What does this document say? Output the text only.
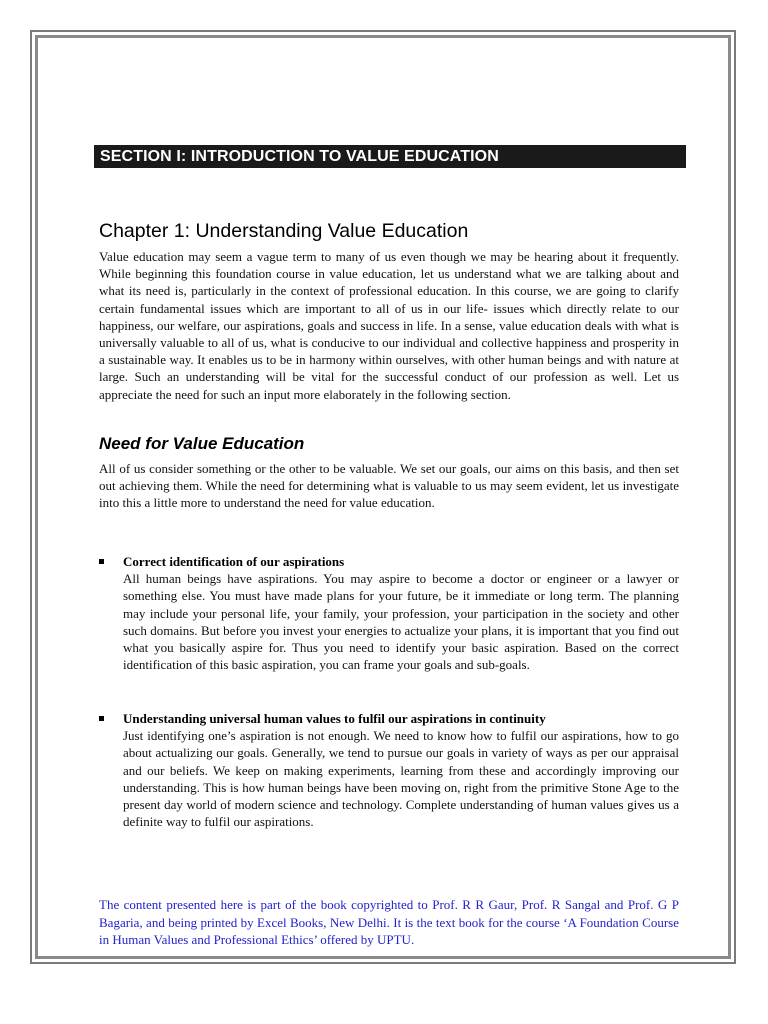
SECTION I: INTRODUCTION TO VALUE EDUCATION
Chapter 1: Understanding Value Education

Value education may seem a vague term to many of us even though we may be hearing about it frequently. While beginning this foundation course in value education, let us understand what we are talking about and what its need is, particularly in the context of professional education. In this course, we are going to clarify certain fundamental issues which are important to all of us in our life- issues which directly relate to our happiness, our welfare, our aspirations, goals and success in life. In a sense, value education deals with what is universally valuable to all of us, what is conducive to our individual and collective happiness and prosperity in a sustainable way. It enables us to be in harmony within ourselves, with other human beings and with nature at large. Such an understanding will be vital for the successful conduct of our profession as well. Let us appreciate the need for such an input more elaborately in the following section.

Need for Value Education

All of us consider something or the other to be valuable. We set our goals, our aims on this basis, and then set out achieving them. While the need for determining what is valuable to us may seem evident, let us investigate into this a little more to understand the need for value education.

Correct identification of our aspirations
All human beings have aspirations. You may aspire to become a doctor or engineer or a lawyer or something else. You must have made plans for your future, be it immediate or long term. The planning may include your personal life, your family, your profession, your participation in the society and other such domains. But before you invest your energies to actualize your plans, it is important that you find out what you basically aspire for. Thus you need to identify your basic aspiration. Based on the correct identification of this basic aspiration, you can frame your goals and sub-goals.
Understanding universal human values to fulfil our aspirations in continuity
Just identifying one’s aspiration is not enough. We need to know how to fulfil our aspirations, how to go about actualizing our goals. Generally, we tend to pursue our goals in variety of ways as per our appraisal and our beliefs. We keep on making experiments, learning from these and accordingly improving our understanding. This is how human beings have been moving on, right from the primitive Stone Age to the present day world of modern science and technology. Complete understanding of human values gives us a definite way to fulfil our aspirations.
The content presented here is part of the book copyrighted to Prof. R R Gaur, Prof. R Sangal and Prof. G P Bagaria, and being printed by Excel Books, New Delhi. It is the text book for the course ‘A Foundation Course in Human Values and Professional Ethics’ offered by UPTU.
